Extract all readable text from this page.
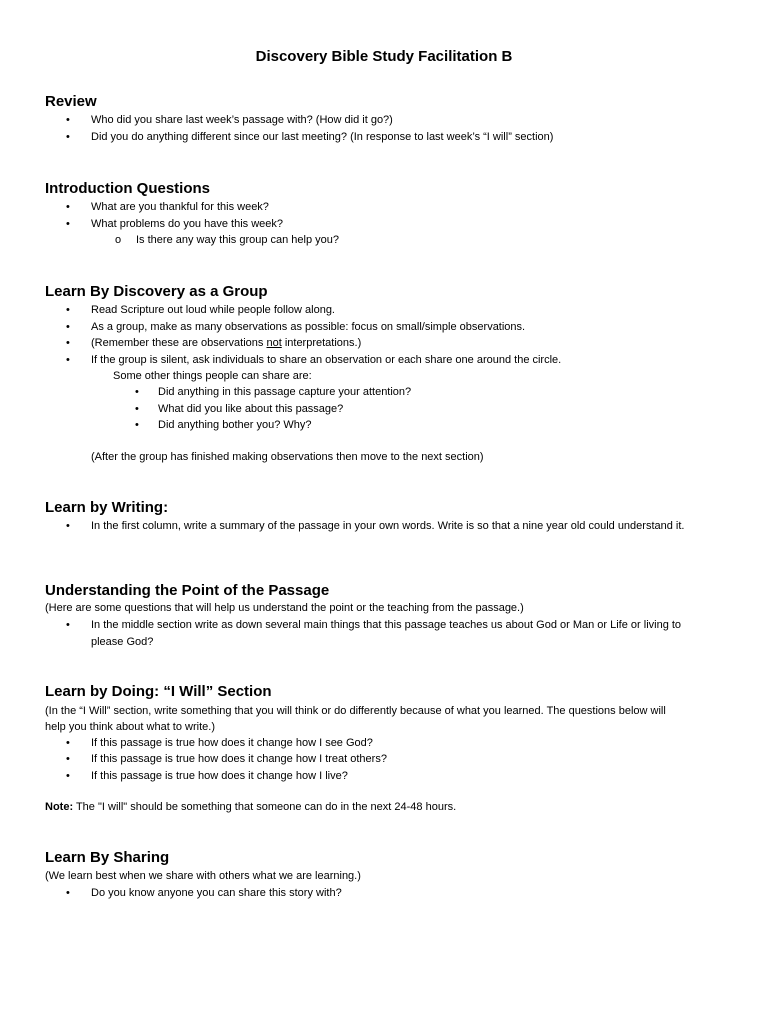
Discovery Bible Study Facilitation B
Review
• Who did you share last week’s passage with? (How did it go?)
• Did you do anything different since our last meeting? (In response to last week’s “I will” section)
Introduction Questions
• What are you thankful for this week?
• What problems do you have this week?
o Is there any way this group can help you?
Learn By Discovery as a Group
• Read Scripture out loud while people follow along.
• As a group, make as many observations as possible: focus on small/simple observations.
• (Remember these are observations not interpretations.)
• If the group is silent, ask individuals to share an observation or each share one around the circle.
Some other things people can share are:
• Did anything in this passage capture your attention?
• What did you like about this passage?
• Did anything bother you? Why?
(After the group has finished making observations then move to the next section)
Learn by Writing:
• In the first column, write a summary of the passage in your own words. Write is so that a nine year old could understand it.
Understanding the Point of the Passage
(Here are some questions that will help us understand the point or the teaching from the passage.)
• In the middle section write as down several main things that this passage teaches us about God or Man or Life or living to
please God?
Learn by Doing: “I Will” Section
(In the “I Will” section, write something that you will think or do differently because of what you learned. The questions below will
help you think about what to write.)
• If this passage is true how does it change how I see God?
• If this passage is true how does it change how I treat others?
• If this passage is true how does it change how I live?
Note: The "I will" should be something that someone can do in the next 24-48 hours.
Learn By Sharing
(We learn best when we share with others what we are learning.)
• Do you know anyone you can share this story with?
